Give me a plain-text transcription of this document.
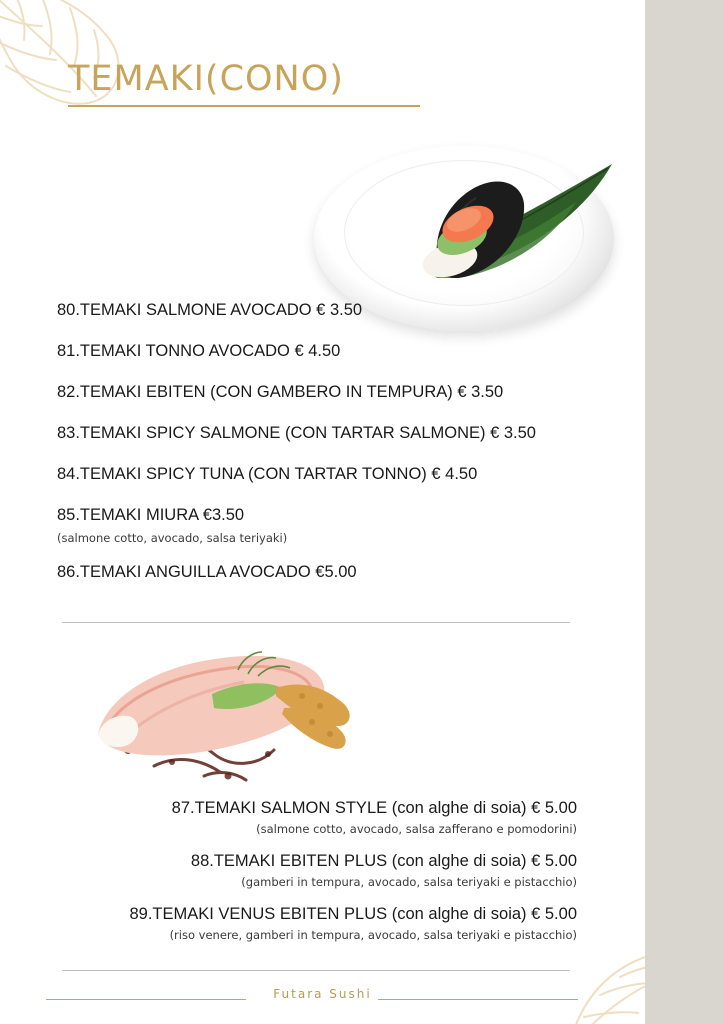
TEMAKI(CONO)
80.TEMAKI SALMONE AVOCADO € 3.50
81.TEMAKI TONNO AVOCADO € 4.50
82.TEMAKI EBITEN (CON GAMBERO IN TEMPURA) € 3.50
83.TEMAKI SPICY SALMONE (CON TARTAR SALMONE) € 3.50
84.TEMAKI SPICY TUNA (CON TARTAR TONNO) € 4.50
85.TEMAKI MIURA €3.50
(salmone cotto, avocado, salsa teriyaki)
86.TEMAKI ANGUILLA AVOCADO €5.00
87.TEMAKI SALMON STYLE (con alghe di soia) € 5.00
(salmone cotto, avocado, salsa zafferano e pomodorini)
88.TEMAKI EBITEN PLUS (con alghe di soia) € 5.00
(gamberi in tempura, avocado, salsa teriyaki e pistacchio)
89.TEMAKI VENUS EBITEN PLUS (con alghe di soia) € 5.00
(riso venere, gamberi in tempura, avocado, salsa teriyaki e pistacchio)
Futara Sushi
